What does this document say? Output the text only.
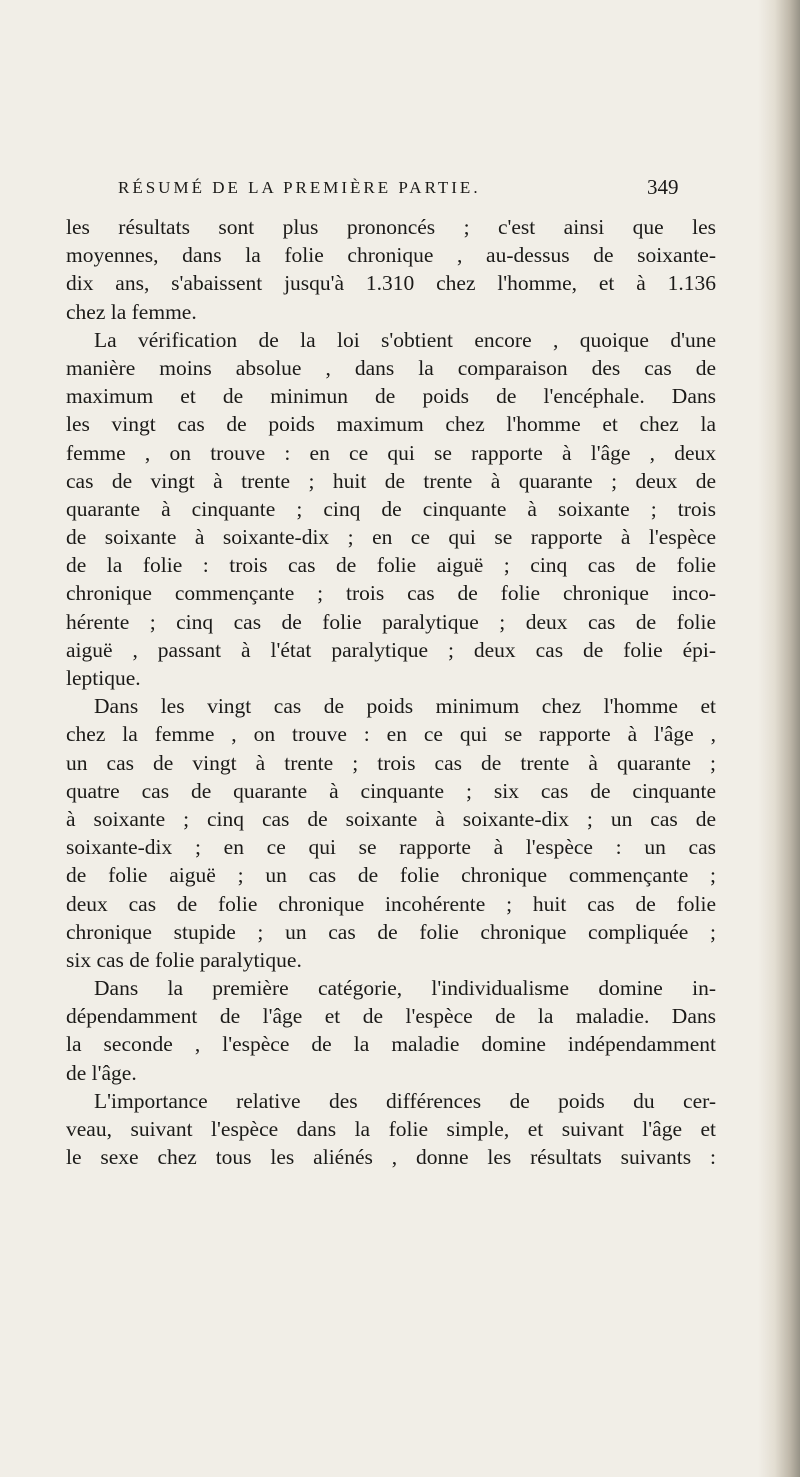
RÉSUMÉ DE LA PREMIÈRE PARTIE.	349
les résultats sont plus prononcés ; c'est ainsi que les
moyennes, dans la folie chronique , au-dessus de soixante-
dix ans, s'abaissent jusqu'à 1.310 chez l'homme, et à 1.136
chez la femme.
La vérification de la loi s'obtient encore , quoique d'une
manière moins absolue , dans la comparaison des cas de
maximum et de minimun de poids de l'encéphale. Dans
les vingt cas de poids maximum chez l'homme et chez la
femme , on trouve : en ce qui se rapporte à l'âge , deux
cas de vingt à trente ; huit de trente à quarante ; deux de
quarante à cinquante ; cinq de cinquante à soixante ; trois
de soixante à soixante-dix ; en ce qui se rapporte à l'espèce
de la folie : trois cas de folie aiguë ; cinq cas de folie
chronique commençante ; trois cas de folie chronique inco-
hérente ; cinq cas de folie paralytique ; deux cas de folie
aiguë , passant à l'état paralytique ; deux cas de folie épi-
leptique.
Dans les vingt cas de poids minimum chez l'homme et
chez la femme , on trouve : en ce qui se rapporte à l'âge ,
un cas de vingt à trente ; trois cas de trente à quarante ;
quatre cas de quarante à cinquante ; six cas de cinquante
à soixante ; cinq cas de soixante à soixante-dix ; un cas de
soixante-dix ; en ce qui se rapporte à l'espèce : un cas
de folie aiguë ; un cas de folie chronique commençante ;
deux cas de folie chronique incohérente ; huit cas de folie
chronique stupide ; un cas de folie chronique compliquée ;
six cas de folie paralytique.
Dans la première catégorie, l'individualisme domine in-
dépendamment de l'âge et de l'espèce de la maladie. Dans
la seconde , l'espèce de la maladie domine indépendamment
de l'âge.
L'importance relative des différences de poids du cer-
veau, suivant l'espèce dans la folie simple, et suivant l'âge et
le sexe chez tous les aliénés , donne les résultats suivants :
